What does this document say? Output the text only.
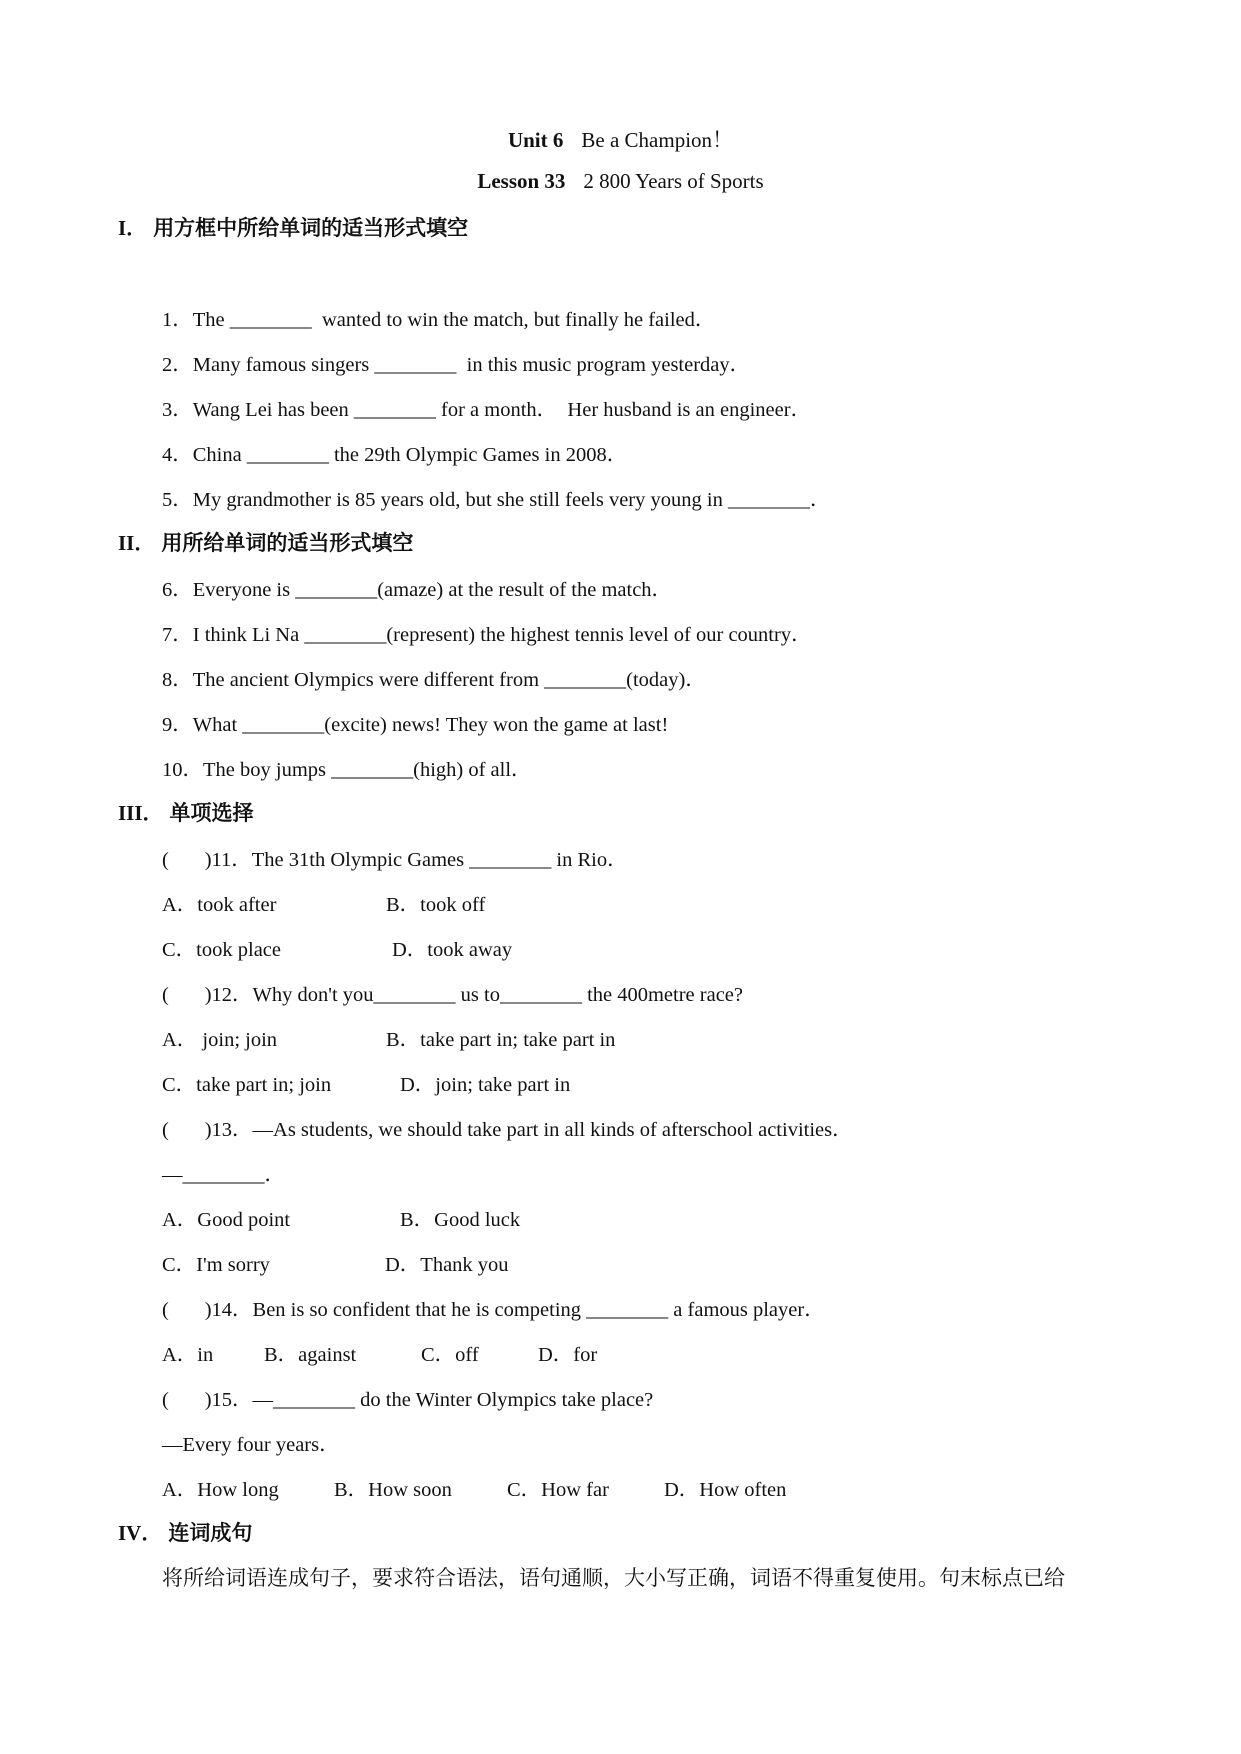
Unit 6 Be a Champion！
Lesson 33 2 800 Years of Sports
I． 用方框中所给单词的适当形式填空
1．The ________  wanted to win the match, but finally he failed．
2．Many famous singers ________  in this music program yesterday．
3．Wang Lei has been ________ for a month．  Her husband is an engineer．
4．China ________ the 29th Olympic Games in 2008．
5．My grandmother is 85 years old, but she still feels very young in ________．
II． 用所给单词的适当形式填空
6．Everyone is ________(amaze) at the result of the match．
7．I think Li Na ________(represent) the highest tennis level of our country．
8．The ancient Olympics were different from ________(today)．
9．What ________(excite) news! They won the game at last!
10．The boy jumps ________(high) of all．
III． 单项选择
(       )11．The 31th Olympic Games ________ in Rio．
A．took after	B．took off
C．took place	D．took away
(       )12．Why don't you________ us to________ the 400metre race?
A． join; join	B．take part in; take part in
C．take part in; join	D．join; take part in
(       )13．—As students, we should take part in all kinds of afterschool activities．
—________．
A．Good point	B．Good luck
C．I'm sorry	D．Thank you
(       )14．Ben is so confident that he is competing ________ a famous player．
A．in B．against	C．off	D．for
(       )15．—________ do the Winter Olympics take place?
—Every four years．
A．How long	B．How soon	C．How far	D．How often
IV． 连词成句
将所给词语连成句子，要求符合语法，语句通顺，大小写正确，词语不得重复使用。句末标点已给
